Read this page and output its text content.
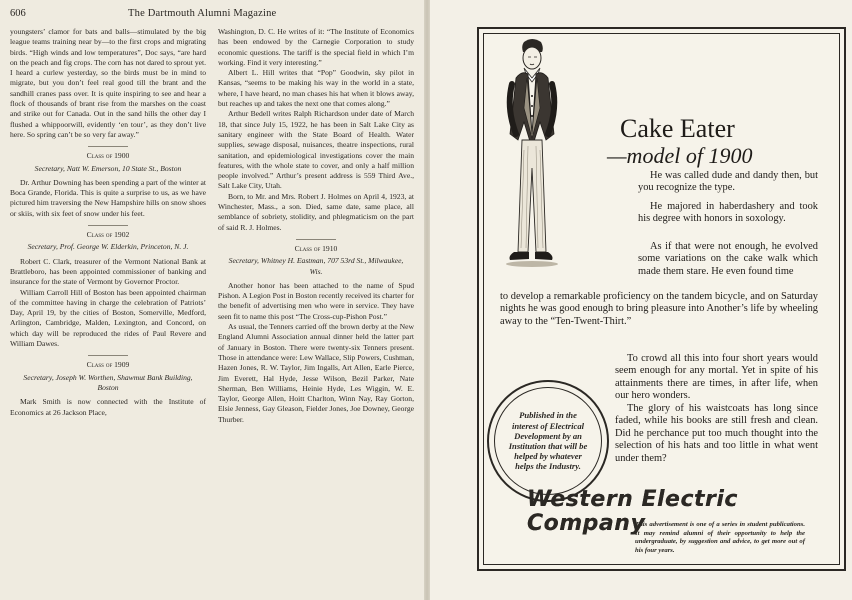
606	The Dartmouth Alumni Magazine

youngsters’ clamor for bats and balls—stimulated by the big league teams training near by—to the first crops and migrating birds. “High winds and low temperatures”, Doc says, “are hard on the peach and fig crops. The corn has not dared to sprout yet. I heard a curlew yesterday, so the birds must be in mind to migrate, but you don’t feel real good till the brant and the sandhill cranes pass over. It is quite inspiring to see and hear a flock of thousands of brant rise from the marshes on the coast and strike out for Canada. Out in the sand hills the other day I flushed a whippoorwill, evidently ‘en tour’, as they don’t live here. So spring can’t be so very far away.”

Class of 1900
Secretary, Natt W. Emerson, 10 State St., Boston

Dr. Arthur Downing has been spending a part of the winter at Boca Grande, Florida. This is quite a surprise to us, as we have pictured him traversing the New Hampshire hills on snow shoes or skiis, with six feet of snow under his feet.

Class of 1902
Secretary, Prof. George W. Elderkin, Princeton, N. J.

Robert C. Clark, treasurer of the Vermont National Bank at Brattleboro, has been appointed commissioner of banking and insurance for the state of Vermont by Governor Proctor.

William Carroll Hill of Boston has been appointed chairman of the committee having in charge the celebration of Patriots’ Day, April 19, by the cities of Boston, Somerville, Medford, Arlington, Cambridge, Malden, Lexington, and Concord, on which day will be reproduced the rides of Paul Revere and William Dawes.

Class of 1909
Secretary, Joseph W. Worthen, Shawmut Bank Building, Boston

Mark Smith is now connected with the Institute of Economics at 26 Jackson Place,

Washington, D. C. He writes of it: “The Institute of Economics has been endowed by the Carnegie Corporation to study economic questions. The tariff is the special field in which I’m working. Find it very interesting.”

Albert L. Hill writes that “Pop” Goodwin, sky pilot in Kansas, “seems to be making his way in the world in a state, where, I have heard, no man chases his hat when it blows away, but reaches up and takes the next one that comes along.”

Arthur Bedell writes Ralph Richardson under date of March 18, that since July 15, 1922, he has been in Salt Lake City as sanitary engineer with the State Board of Health. Water supplies, sewage disposal, nuisances, theatre inspections, rural sanitation, and epidemiological investigations cover the main features, with the whole state to cover, and only a half million people involved.” Arthur’s present address is 559 Third Ave., Salt Lake City, Utah.

Born, to Mr. and Mrs. Robert J. Holmes on April 4, 1923, at Winchester, Mass., a son. Died, same date, same place, all semblance of sobriety, stolidity, and phlegmaticism on the part of said R. J. Holmes.

Class of 1910
Secretary, Whitney H. Eastman, 707 53rd St., Milwaukee, Wis.

Another honor has been attached to the name of Spud Pishon. A Legion Post in Boston recently received its charter for the benefit of advertising men who were in service. They have seen fit to name this post “The Cross-cup-Pishon Post.”

As usual, the Tenners carried off the brown derby at the New England Alumni Association annual dinner held the latter part of January in Boston. There were twenty-six Tenners present. Those in attendance were: Lew Wallace, Slip Powers, Cushman, Hazen Jones, R. W. Taylor, Jim Ingalls, Art Allen, Earle Pierce, Jim Everett, Hal Hyde, Jesse Wilson, Bezil Parker, Nate Sherman, Ben Williams, Heinie Hyde, Les Wiggin, W. E. Taylor, George Allen, Hoitt Charlton, Winn Nay, Ray Gorton, Elsie Jenness, Gay Gleason, Fielder Jones, Joe Downey, George Thurber.

Cake Eater
—model of 1900

He was called dude and dandy then, but you recognize the type.

He majored in haberdashery and took his degree with honors in soxology.

As if that were not enough, he evolved some variations on the cake walk which made them stare. He even found time

to develop a remarkable proficiency on the tandem bicycle, and on Saturday nights he was good enough to bring pleasure into Another’s life by wheeling away to the “Ten-Twent-Thirt.”

To crowd all this into four short years would seem enough for any mortal. Yet in spite of his attainments there are times, in after life, when our hero wonders.

The glory of his waistcoats has long since faded, while his books are still fresh and clean. Did he perchance put too much thought into the selection of his hats and too little in what went under them?

Published in the interest of Electrical Development by an Institution that will be helped by whatever helps the Industry.
Western Electric Company
This advertisement is one of a series in student publications. It may remind alumni of their opportunity to help the undergraduate, by suggestion and advice, to get more out of his four years.
